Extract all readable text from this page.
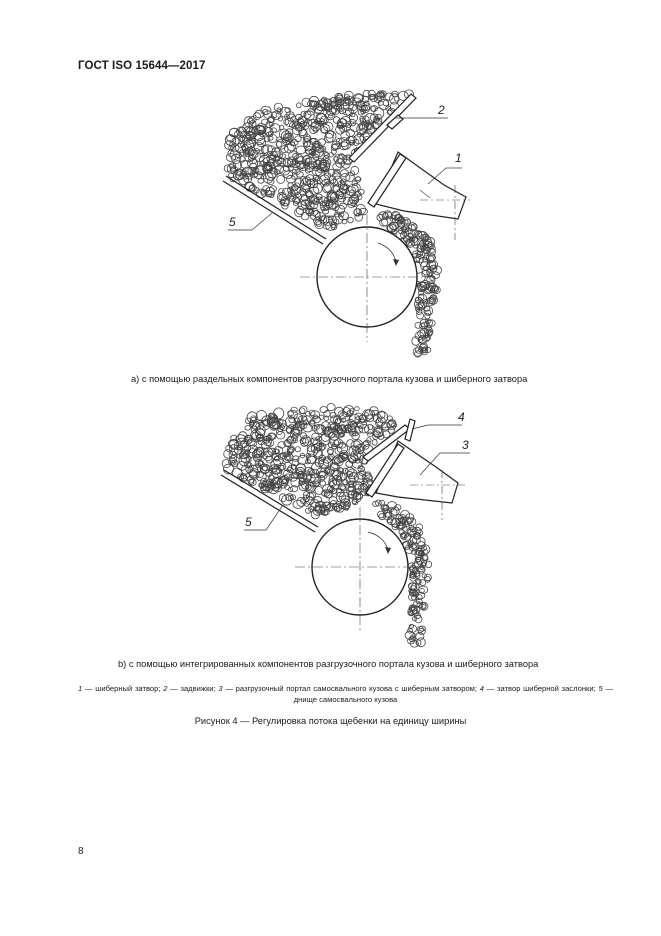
ГОСТ ISO 15644—2017
1
2
5
a) с помощью раздельных компонентов разгрузочного портала кузова и шиберного затвора
3
4
5
b) с помощью интегрированных компонентов разгрузочного портала кузова и шиберного затвора
1 — шиберный затвор; 2 — задвижки; 3 — разгрузочный портал самосвального кузова с шиберным затвором; 4 — затвор шиберной заслонки; 5 — днище самосвального кузова
Рисунок 4 — Регулировка потока щебенки на единицу ширины
8
